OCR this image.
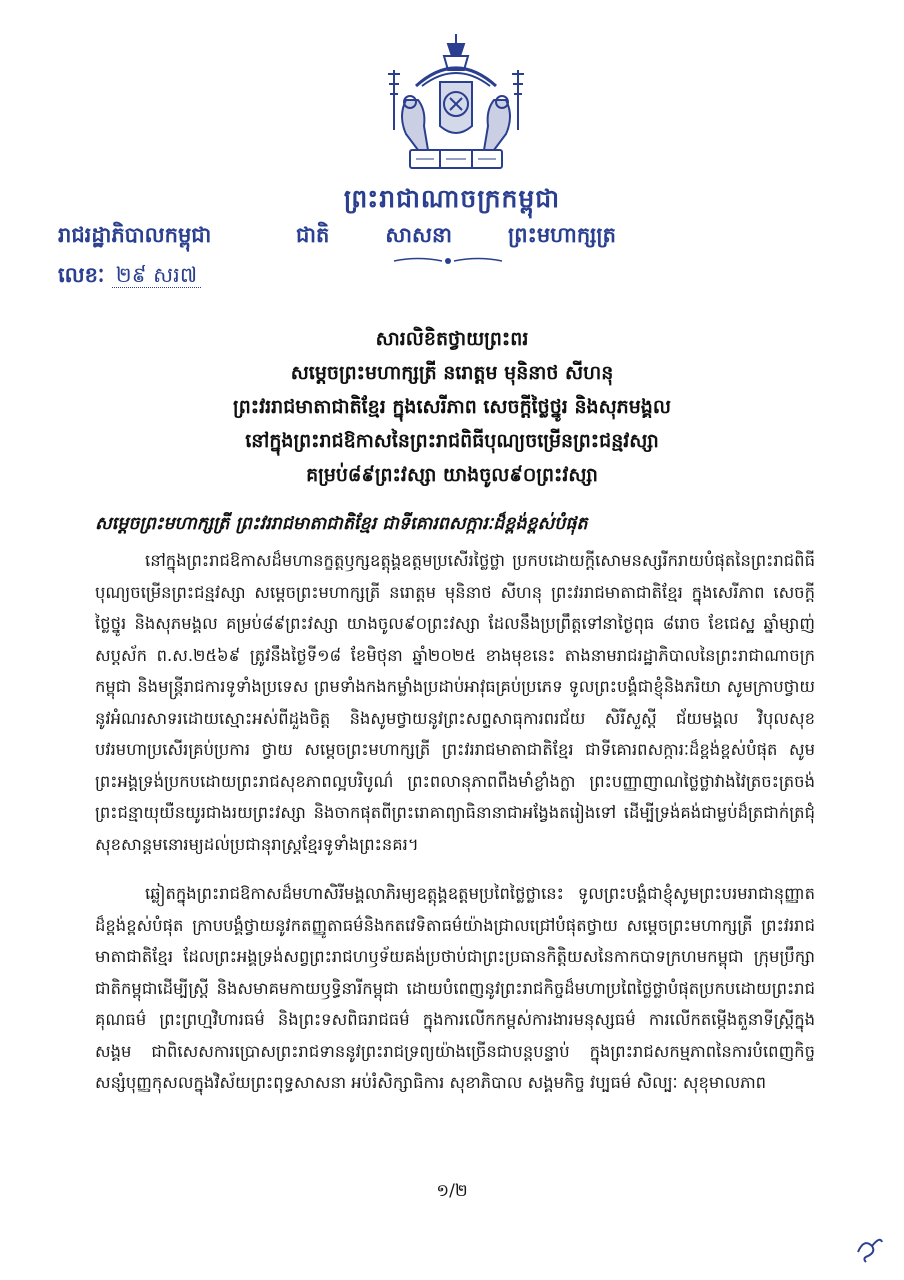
ព្រះរាជាណាចក្រកម្ពុជា
រាជរដ្ឋាភិបាលកម្ពុជា	ជាតិ	សាសនា	ព្រះមហាក្សត្រ
លេខៈ ២៩ សរ៧
សារលិខិតថ្វាយព្រះពរ
សម្តេចព្រះមហាក្សត្រី នរោត្តម មុនិនាថ សីហនុ
ព្រះវររាជមាតាជាតិខ្មែរ ក្នុងសេរីភាព សេចក្តីថ្លៃថ្នូរ និងសុភមង្គល
នៅក្នុងព្រះរាជឱកាសនៃព្រះរាជពិធីបុណ្យចម្រើនព្រះជន្មវស្សា
គម្រប់៨៩ព្រះវស្សា យាងចូល៩០ព្រះវស្សា
សម្តេចព្រះមហាក្សត្រី ព្រះវររាជមាតាជាតិខ្មែរ ជាទីគោរពសក្ការៈដ៏ខ្ពង់ខ្ពស់បំផុត
នៅក្នុងព្រះរាជឱកាសដ៏មហានក្ខត្តឫក្សឧត្តុង្គឧត្តមប្រសើរថ្លៃថ្លា ប្រកបដោយក្តីសោមនស្សរីករាយបំផុតនៃព្រះរាជពិធីបុណ្យចម្រើនព្រះជន្មវស្សា សម្តេចព្រះមហាក្សត្រី នរោត្តម មុនិនាថ សីហនុ ព្រះវររាជមាតាជាតិខ្មែរ ក្នុងសេរីភាព សេចក្តីថ្លៃថ្នូរ និងសុភមង្គល គម្រប់៨៩ព្រះវស្សា យាងចូល៩០ព្រះវស្សា ដែលនឹងប្រព្រឹត្តទៅនាថ្ងៃពុធ ៨រោច ខែជេស្ឋ ឆ្នាំម្សាញ់ សប្តស័ក ព.ស.២៥៦៩ ត្រូវនឹងថ្ងៃទី១៨ ខែមិថុនា ឆ្នាំ២០២៥ ខាងមុខនេះ តាងនាមរាជរដ្ឋាភិបាលនៃព្រះរាជាណាចក្រកម្ពុជា និងមន្ត្រីរាជការទូទាំងប្រទេស ព្រមទាំងកងកម្លាំងប្រដាប់អាវុធគ្រប់ប្រភេទ ទូលព្រះបង្គំជាខ្ញុំនិងភរិយា សូមក្រាបថ្វាយនូវអំណរសាទរដោយស្មោះអស់ពីដួងចិត្ត និងសូមថ្វាយនូវព្រះសព្ទសាធុការពរជ័យ សិរីសួស្តី ជ័យមង្គល វិបុលសុខ បវរមហាប្រសើរគ្រប់ប្រការ ថ្វាយ សម្តេចព្រះមហាក្សត្រី ព្រះវររាជមាតាជាតិខ្មែរ ជាទីគោរពសក្ការៈដ៏ខ្ពង់ខ្ពស់បំផុត សូមព្រះអង្គទ្រង់ប្រកបដោយព្រះរាជសុខភាពល្អបរិបូណ៌ ព្រះពលានុភាពពឹងមាំខ្លាំងក្លា ព្រះបញ្ញាញាណថ្លៃថ្លាវាងវៃត្រចះត្រចង់ ព្រះជន្មាយុយឺនយូរជាងរយព្រះវស្សា និងចាកផុតពីព្រះរោគាព្យាធិនានាជាអង្វែងតរៀងទៅ ដើម្បីទ្រង់គង់ជាម្លប់ដ៏ត្រជាក់ត្រជុំសុខសាន្តមនោរម្យដល់ប្រជានុរាស្ត្រខ្មែរទូទាំងព្រះនគរ។
ឆ្លៀតក្នុងព្រះរាជឱកាសដ៏មហាសិរីមង្គលាភិរម្យឧត្តុង្គឧត្តមប្រពៃថ្លៃថ្លានេះ ទូលព្រះបង្គំជាខ្ញុំសូមព្រះបរមរាជានុញ្ញាតដ៏ខ្ពង់ខ្ពស់បំផុត ក្រាបបង្គំថ្វាយនូវកតញ្ញូតាធម៌និងកតវេទិតាធម៌យ៉ាងជ្រាលជ្រៅបំផុតថ្វាយ សម្តេចព្រះមហាក្សត្រី ព្រះវររាជមាតាជាតិខ្មែរ ដែលព្រះអង្គទ្រង់សព្វព្រះរាជហឫទ័យគង់ប្រថាប់ជាព្រះប្រធានកិត្តិយសនៃកាកបាទក្រហមកម្ពុជា ក្រុមប្រឹក្សាជាតិកម្ពុជាដើម្បីស្ត្រី និងសមាគមកាយឫទ្ធិនារីកម្ពុជា ដោយបំពេញនូវព្រះរាជកិច្ចដ៏មហាប្រពៃថ្លៃថ្លាបំផុតប្រកបដោយព្រះរាជគុណធម៌ ព្រះព្រហ្មវិហារធម៌ និងព្រះទសពិធរាជធម៌ ក្នុងការលើកកម្ពស់ការងារមនុស្សធម៌ ការលើកតម្កើងតួនាទីស្ត្រីក្នុងសង្គម ជាពិសេសការប្រោសព្រះរាជទាននូវព្រះរាជទ្រព្យយ៉ាងច្រើនជាបន្តបន្ទាប់ ក្នុងព្រះរាជសកម្មភាពនៃការបំពេញកិច្ចសន្សំបុញ្ញកុសលក្នុងវិស័យព្រះពុទ្ធសាសនា អប់រំសិក្សាធិការ សុខាភិបាល សង្គមកិច្ច វប្បធម៌ សិល្បៈ សុខុមាលភាព
១/២
